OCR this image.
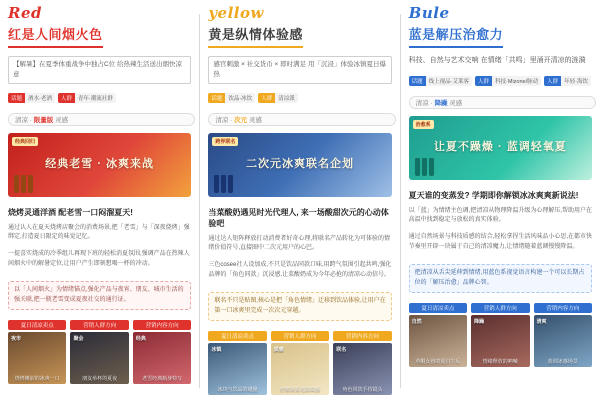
Red
红是人间烟火色
【解暑】在夏季体重战争中独占C位 给热辣生活送出烟快凉意
话题	酒水·老酒	人群	青年·潮流社群
清凉 · 限量版 灵感
经典回归
经典老雪 · 冰爽来战
烧烤灵通洋酒 配老雪一口闷溜夏天!
通过认人在夏天烧烤店聚会的消费场景,把「老雪」与「深夜烧烤」强绑定,打造夏日限定的味觉记忆。
一提喜实烧成的冷季组儿再现下班的轻松消夏氛围,强调产品在热辣人间烟火中的解暑定位,让用户产生即刻想喝一杯的冲动。
以「人间烟火」为情绪锚点,强化产品与夜宵、朋友、城市生活的强关联,把一瓶老雪变成夏夜社交的通行证。
夏日清凉卖点
夜市
烧烤摊前的冰爽一口
营销人群方向
聚会
朋友举杯的夏夜
营销内容方向
经典
老雪经典瓶身特写
yellow
黄是纵情体验感
感官刺激 × 社交货币 × 即时满足 用「沉浸」体验冰镇夏日爆热
话题	饮品·冰饮	人群	清凉派
清凉 · 次元 灵感
跨界联名
二次元冰爽联名企划
当菜酸奶遇见时光代理人, 来一场酸甜次元的心动体验吧
通过达人矩阵释放打动消费者好奇心理,将联名产品转化为可体验的情绪价值符号,直接圈中二次元用户的心巴。
三色cosee社人设加成,不只是饮品同款口味,用跨气氛围引起共鸣,强化品牌的「角色同款」沉浸感,让菜酸奶成为今年必抢的清凉心动信号。
联名不只是贴图,核心是把「角色情绪」迁移到饮品体验,让用户在第一口冰爽里完成一次次元穿越。
夏日清凉卖点
冰镇
冰块与饮品的碰撞
营销人群方向
质感
柠檬黄系光影质感
营销内容方向
联名
角色同款手持镜头
Bule
蓝是解压治愈力
科技、自然与艺术交响 在情绪「共鸣」里涌开清凉的涟漪
话题	线上视品·艾莱客	人群	科技·Mizone/脉动	人群	年轻·海饮
清凉 · 降躁 灵感
治愈系
让夏不躁燥 · 蓝调轻氧夏
夏天谁的变蒸发? 学期即你解锁冰冰爽爽新说法!
以「蓝」为情绪主色调,把清凉从物理降温升级为心理解压,帮助用户在高温中找到稳定与放松的真实体验。
通过自然场景与科技质感的结合,轻松拿捏生活风味品小心思,在都市快节奏里开辟一块属于自己的清凉魔力,让情绪随着蓝调慢慢降温。
把清凉从舌尖延伸到情绪,用蓝色系视觉语言构建一个可以长期占位的「解压治愈」品牌心智。
夏日清凉卖点
自然
草帽女孩的夏日午后
营销人群方向
降躁
情绪释放的呐喊
营销内容方向
清爽
蓝调冰感场景
